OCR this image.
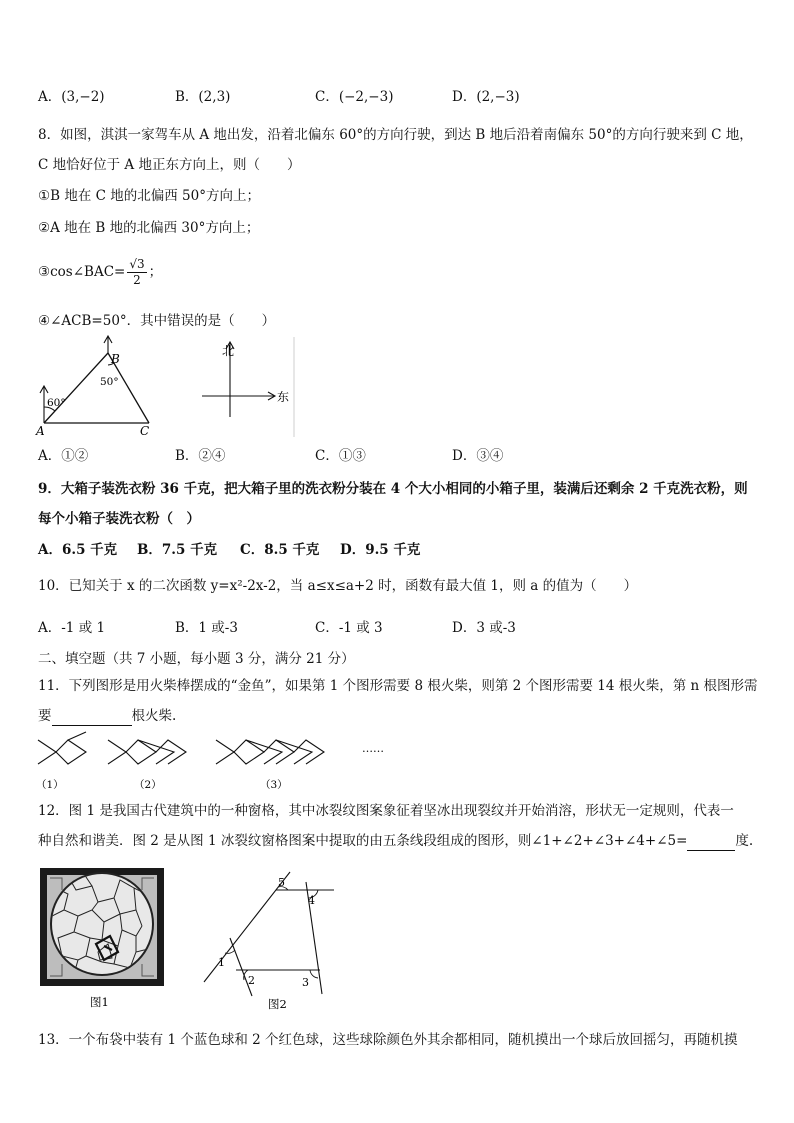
A．(3,−2)	B．(2,3)	C．(−2,−3)	D．(2,−3)
8．如图，淇淇一家驾车从 A 地出发，沿着北偏东 60°的方向行驶，到达 B 地后沿着南偏东 50°的方向行驶来到 C 地，
C 地恰好位于 A 地正东方向上，则（　　）
①B 地在 C 地的北偏西 50°方向上；
②A 地在 B 地的北偏西 30°方向上；
③cos∠BAC= $\frac{√3}{2}$ ；
④∠ACB=50°．其中错误的是（　　）
60°
50°
A
B
C
北
东
A．①②	B．②④	C．①③	D．③④
9．大箱子装洗衣粉 36 千克，把大箱子里的洗衣粉分装在 4 个大小相同的小箱子里，装满后还剩余 2 千克洗衣粉，则
每个小箱子装洗衣粉（　）
A．6.5 千克 B．7.5 千克 C．8.5 千克 D．9.5 千克
10．已知关于 x 的二次函数 y=x²-2x-2，当 a≤x≤a+2 时，函数有最大值 1，则 a 的值为（　　）
A．-1 或 1	B．1 或-3	C．-1 或 3	D．3 或-3
二、填空题（共 7 小题，每小题 3 分，满分 21 分）
11．下列图形是用火柴棒摆成的“金鱼”，如果第 1 个图形需要 8 根火柴，则第 2 个图形需要 14 根火柴，第 n 根图形需
要	根火柴.
（1）	（2）	（3）
……
12．图 1 是我国古代建筑中的一种窗格，其中冰裂纹图案象征着坚冰出现裂纹并开始消溶，形状无一定规则，代表一
种自然和谐美．图 2 是从图 1 冰裂纹窗格图案中提取的由五条线段组成的图形，则∠1+∠2+∠3+∠4+∠5=	度.
图1
1
2	3
4
5
图2
13．一个布袋中装有 1 个蓝色球和 2 个红色球，这些球除颜色外其余都相同，随机摸出一个球后放回摇匀，再随机摸
